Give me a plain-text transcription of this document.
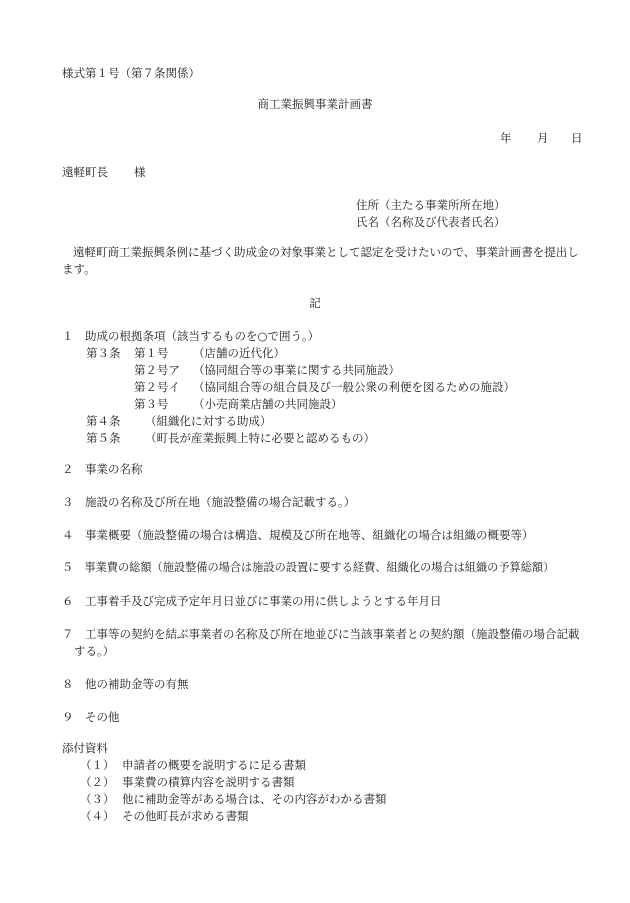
様式第１号（第７条関係）
商工業振興事業計画書
年 月 日
遠軽町長 様
住所（主たる事業所所在地）
氏名（名称及び代表者氏名）
遠軽町商工業振興条例に基づく助成金の対象事業として認定を受けたいので、事業計画書を提出します。
記
１　助成の根拠条項（該当するものを○で囲う。）
第３条 第１号 （店舗の近代化）
第２号ア （協同組合等の事業に関する共同施設）
第２号イ （協同組合等の組合員及び一般公衆の利便を図るための施設）
第３号 （小売商業店舗の共同施設）
第４条 （組織化に対する助成）
第５条 （町長が産業振興上特に必要と認めるもの）
２　事業の名称
３　施設の名称及び所在地（施設整備の場合記載する。）
４　事業概要（施設整備の場合は構造、規模及び所在地等、組織化の場合は組織の概要等）
５　事業費の総額（施設整備の場合は施設の設置に要する経費、組織化の場合は組織の予算総額）
６　工事着手及び完成予定年月日並びに事業の用に供しようとする年月日
７　工事等の契約を結ぶ事業者の名称及び所在地並びに当該事業者との契約額（施設整備の場合記載する。）
８　他の補助金等の有無
９　その他
添付資料
（１） 申請者の概要を説明するに足る書類
（２） 事業費の積算内容を説明する書類
（３） 他に補助金等がある場合は、その内容がわかる書類
（４） その他町長が求める書類
